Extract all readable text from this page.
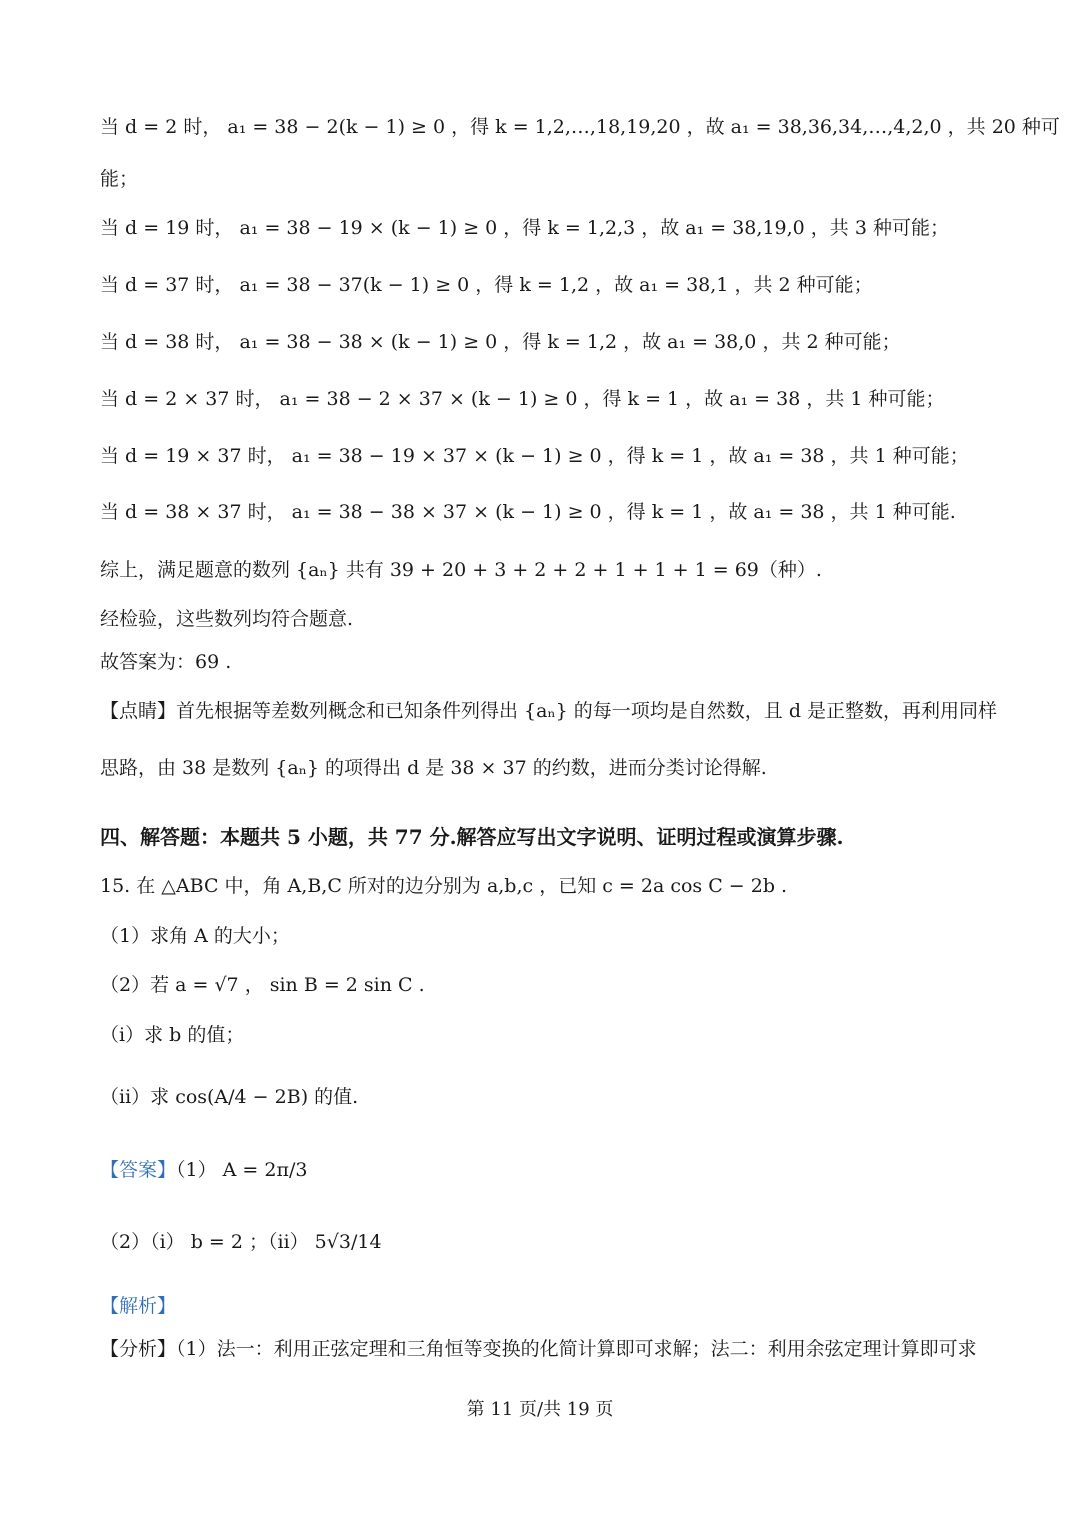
当 d = 2 时， a₁ = 38 − 2(k − 1) ≥ 0 ，得 k = 1,2,…,18,19,20 ，故 a₁ = 38,36,34,…,4,2,0 ，共 20 种可
能；
当 d = 19 时， a₁ = 38 − 19 × (k − 1) ≥ 0 ，得 k = 1,2,3 ，故 a₁ = 38,19,0 ，共 3 种可能；
当 d = 37 时， a₁ = 38 − 37(k − 1) ≥ 0 ，得 k = 1,2 ，故 a₁ = 38,1 ，共 2 种可能；
当 d = 38 时， a₁ = 38 − 38 × (k − 1) ≥ 0 ，得 k = 1,2 ，故 a₁ = 38,0 ，共 2 种可能；
当 d = 2 × 37 时， a₁ = 38 − 2 × 37 × (k − 1) ≥ 0 ，得 k = 1 ，故 a₁ = 38 ，共 1 种可能；
当 d = 19 × 37 时， a₁ = 38 − 19 × 37 × (k − 1) ≥ 0 ，得 k = 1 ，故 a₁ = 38 ，共 1 种可能；
当 d = 38 × 37 时， a₁ = 38 − 38 × 37 × (k − 1) ≥ 0 ，得 k = 1 ，故 a₁ = 38 ，共 1 种可能.
综上，满足题意的数列 {aₙ} 共有 39 + 20 + 3 + 2 + 2 + 1 + 1 + 1 = 69（种）.
经检验，这些数列均符合题意.
故答案为：69 .
【点睛】首先根据等差数列概念和已知条件列得出 {aₙ} 的每一项均是自然数，且 d 是正整数，再利用同样
思路，由 38 是数列 {aₙ} 的项得出 d 是 38 × 37 的约数，进而分类讨论得解.
四、解答题：本题共 5 小题，共 77 分.解答应写出文字说明、证明过程或演算步骤.
15. 在 △ABC 中，角 A,B,C 所对的边分别为 a,b,c ，已知 c = 2a cos C − 2b .
（1）求角 A 的大小；
（2）若 a = √7 ， sin B = 2 sin C .
（ⅰ）求 b 的值；
（ⅱ）求 cos(A/4 − 2B) 的值.
【答案】（1） A = 2π/3
（2）（ⅰ） b = 2 ；（ⅱ） 5√3/14
【解析】
【分析】（1）法一：利用正弦定理和三角恒等变换的化简计算即可求解；法二：利用余弦定理计算即可求
第 11 页/共 19 页
